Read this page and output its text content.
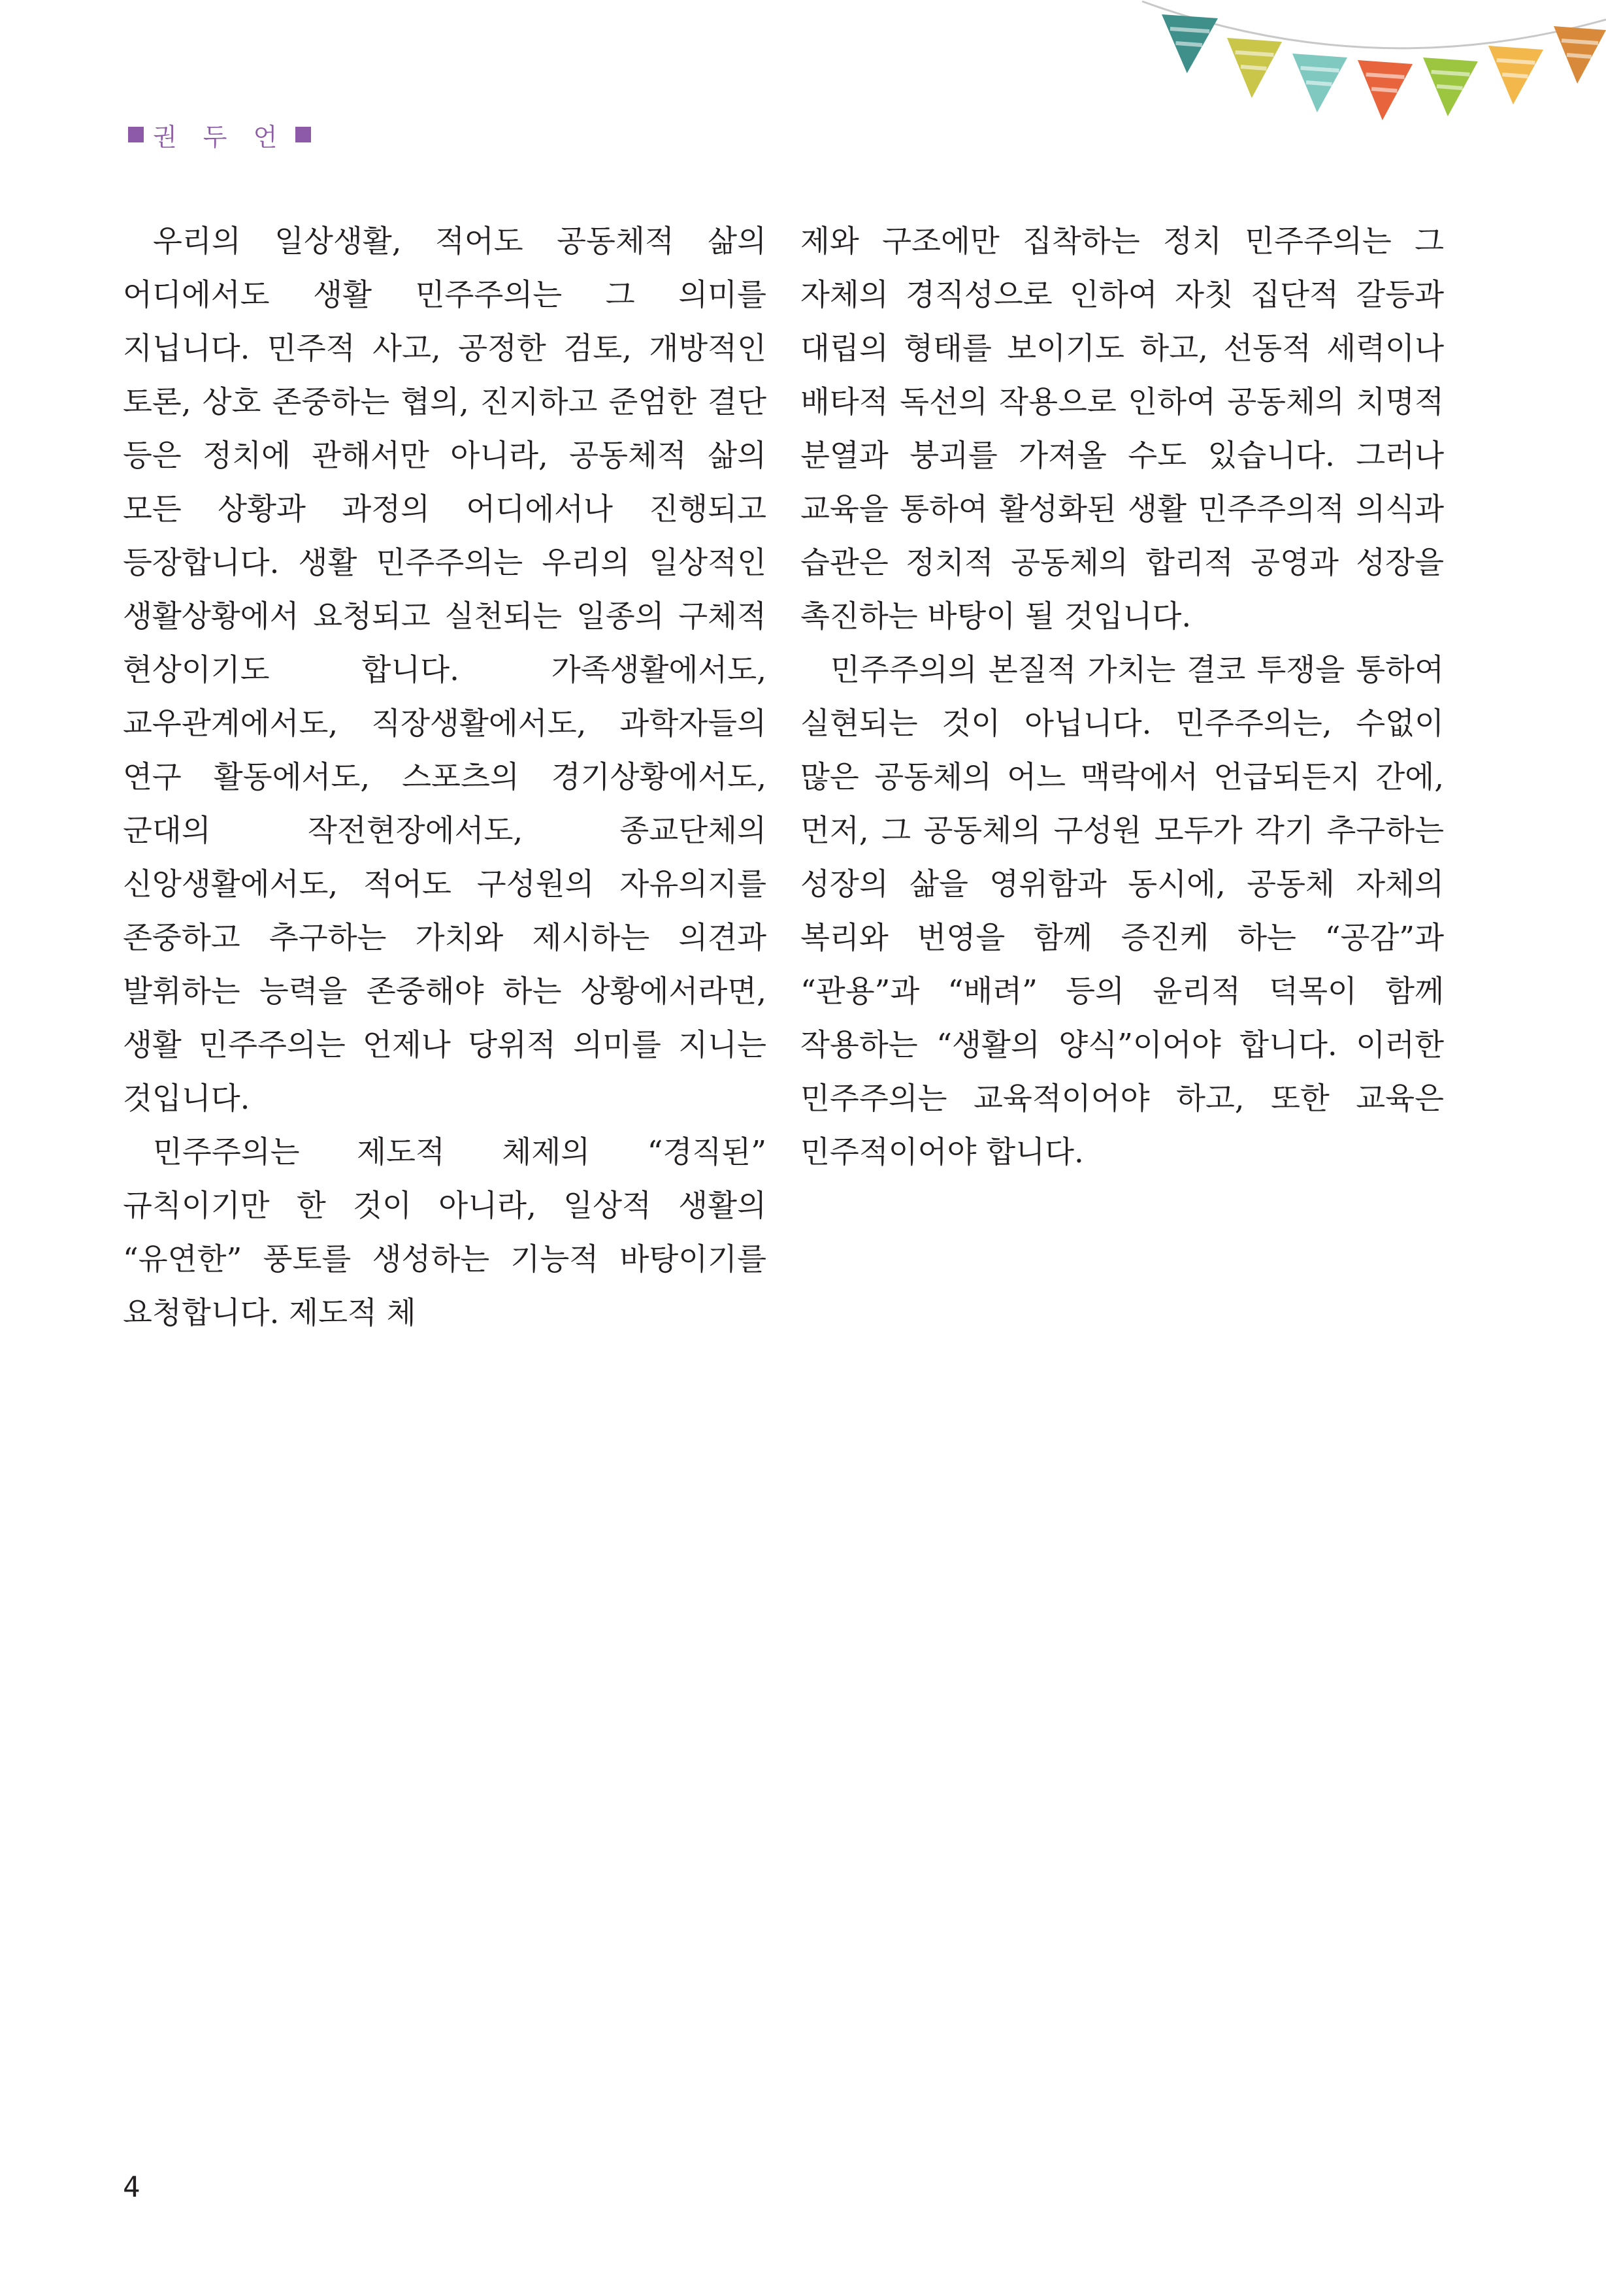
권 두 언

우리의 일상생활, 적어도 공동체적 삶의 어디에서도 생활 민주주의는 그 의미를 지닙니다. 민주적 사고, 공정한 검토, 개방적인 토론, 상호 존중하는 협의, 진지하고 준엄한 결단 등은 정치에 관해서만 아니라, 공동체적 삶의 모든 상황과 과정의 어디에서나 진행되고 등장합니다. 생활 민주주의는 우리의 일상적인 생활상황에서 요청되고 실천되는 일종의 구체적 현상이기도 합니다. 가족생활에서도, 교우관계에서도, 직장생활에서도, 과학자들의 연구 활동에서도, 스포츠의 경기상황에서도, 군대의 작전현장에서도, 종교단체의 신앙생활에서도, 적어도 구성원의 자유의지를 존중하고 추구하는 가치와 제시하는 의견과 발휘하는 능력을 존중해야 하는 상황에서라면, 생활 민주주의는 언제나 당위적 의미를 지니는 것입니다.

민주주의는 제도적 체제의 “경직된” 규칙이기만 한 것이 아니라, 일상적 생활의 “유연한” 풍토를 생성하는 기능적 바탕이기를 요청합니다. 제도적 체

제와 구조에만 집착하는 정치 민주주의는 그 자체의 경직성으로 인하여 자칫 집단적 갈등과 대립의 형태를 보이기도 하고, 선동적 세력이나 배타적 독선의 작용으로 인하여 공동체의 치명적 분열과 붕괴를 가져올 수도 있습니다. 그러나 교육을 통하여 활성화된 생활 민주주의적 의식과 습관은 정치적 공동체의 합리적 공영과 성장을 촉진하는 바탕이 될 것입니다.

민주주의의 본질적 가치는 결코 투쟁을 통하여 실현되는 것이 아닙니다. 민주주의는, 수없이 많은 공동체의 어느 맥락에서 언급되든지 간에, 먼저, 그 공동체의 구성원 모두가 각기 추구하는 성장의 삶을 영위함과 동시에, 공동체 자체의 복리와 번영을 함께 증진케 하는 “공감”과 “관용”과 “배려” 등의 윤리적 덕목이 함께 작용하는 “생활의 양식”이어야 합니다. 이러한 민주주의는 교육적이어야 하고, 또한 교육은 민주적이어야 합니다.

4
